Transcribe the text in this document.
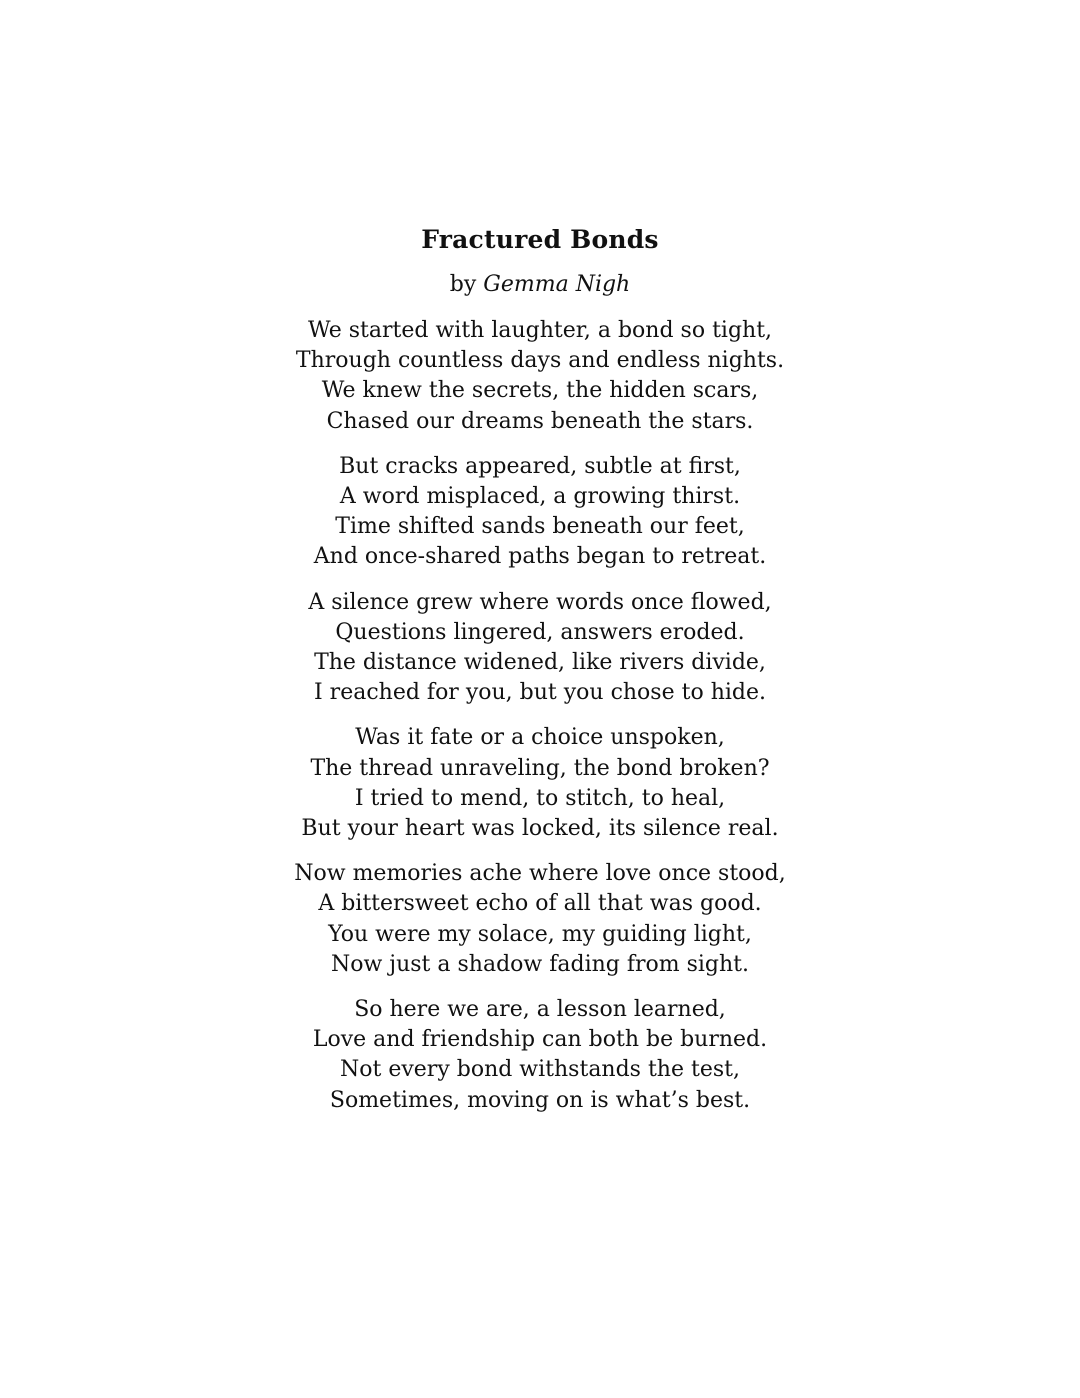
Fractured Bonds

by Gemma Nigh

We started with laughter, a bond so tight,
Through countless days and endless nights.
We knew the secrets, the hidden scars,
Chased our dreams beneath the stars.
But cracks appeared, subtle at first,
A word misplaced, a growing thirst.
Time shifted sands beneath our feet,
And once-shared paths began to retreat.
A silence grew where words once flowed,
Questions lingered, answers eroded.
The distance widened, like rivers divide,
I reached for you, but you chose to hide.
Was it fate or a choice unspoken,
The thread unraveling, the bond broken?
I tried to mend, to stitch, to heal,
But your heart was locked, its silence real.
Now memories ache where love once stood,
A bittersweet echo of all that was good.
You were my solace, my guiding light,
Now just a shadow fading from sight.
So here we are, a lesson learned,
Love and friendship can both be burned.
Not every bond withstands the test,
Sometimes, moving on is what’s best.
